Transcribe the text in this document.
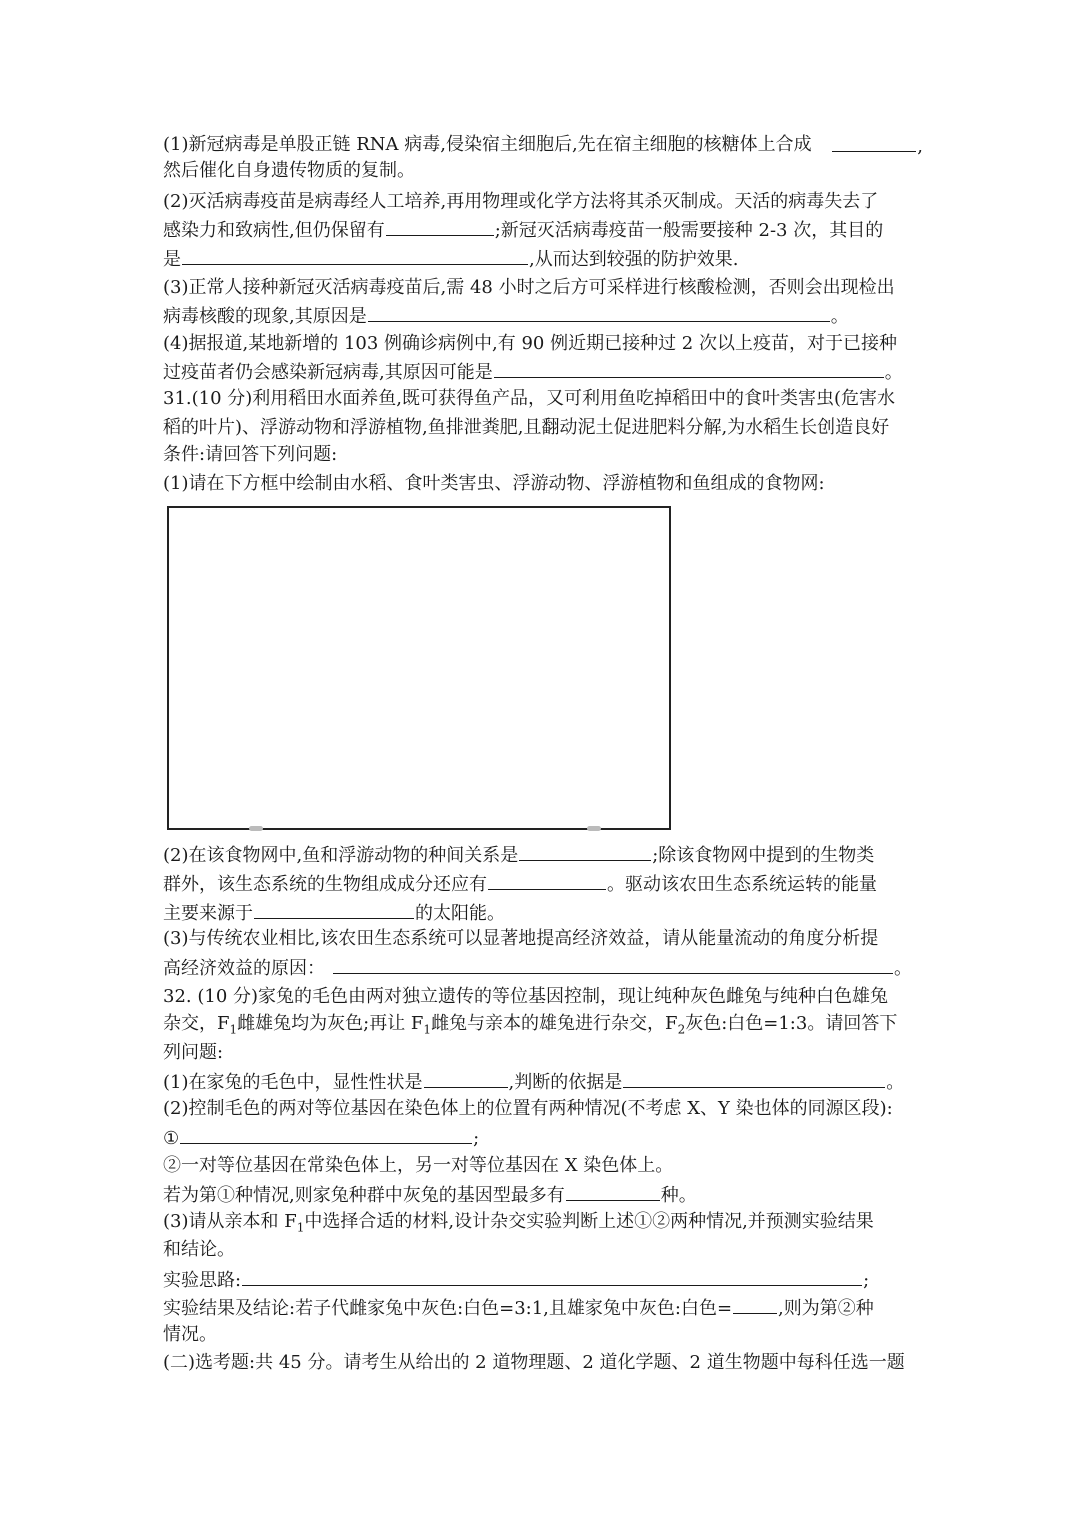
(1)新冠病毒是单股正链 RNA 病毒,侵染宿主细胞后,先在宿主细胞的核糖体上合成	,
然后催化自身遗传物质的复制。
(2)灭活病毒疫苗是病毒经人工培养,再用物理或化学方法将其杀灭制成。天活的病毒失去了
感染力和致病性,但仍保留有	;新冠灭活病毒疫苗一般需要接种 2-3 次，其目的
是	,从而达到较强的防护效果.
(3)正常人接种新冠灭活病毒疫苗后,需 48 小时之后方可采样进行核酸检测，否则会出现检出
病毒核酸的现象,其原因是	。
(4)据报道,某地新增的 103 例确诊病例中,有 90 例近期已接种过 2 次以上疫苗，对于已接种
过疫苗者仍会感染新冠病毒,其原因可能是	。
31.(10 分)利用稻田水面养鱼,既可获得鱼产品，又可利用鱼吃掉稻田中的食叶类害虫(危害水
稻的叶片)、浮游动物和浮游植物,鱼排泄粪肥,且翻动泥土促进肥料分解,为水稻生长创造良好
条件:请回答下列问题:
(1)请在下方框中绘制由水稻、食叶类害虫、浮游动物、浮游植物和鱼组成的食物网:
(2)在该食物网中,鱼和浮游动物的种间关系是	;除该食物网中提到的生物类
群外，该生态系统的生物组成成分还应有	。驱动该农田生态系统运转的能量
主要来源于	的太阳能。
(3)与传统农业相比,该农田生态系统可以显著地提高经济效益，请从能量流动的角度分析提
高经济效益的原因：	。
32. (10 分)家兔的毛色由两对独立遗传的等位基因控制，现让纯种灰色雌兔与纯种白色雄兔
杂交，$F_1$雌雄兔均为灰色;再让 $F_1$雌兔与亲本的雄兔进行杂交，$F_2$灰色:白色=1:3。请回答下
列问题:
(1)在家兔的毛色中，显性性状是	,判断的依据是	。
(2)控制毛色的两对等位基因在染色体上的位置有两种情况(不考虑 X、Y 染也体的同源区段):
①	;
②一对等位基因在常染色体上，另一对等位基因在 X 染色体上。
若为第①种情况,则家兔种群中灰兔的基因型最多有	种。
(3)请从亲本和 $F_1$中选择合适的材料,设计杂交实验判断上述①②两种情况,并预测实验结果
和结论。
实验思路:	;
实验结果及结论:若子代雌家兔中灰色:白色=3:1,且雄家兔中灰色:白色=	,则为第②种
情况。
(二)选考题:共 45 分。请考生从给出的 2 道物理题、2 道化学题、2 道生物题中每科任选一题
